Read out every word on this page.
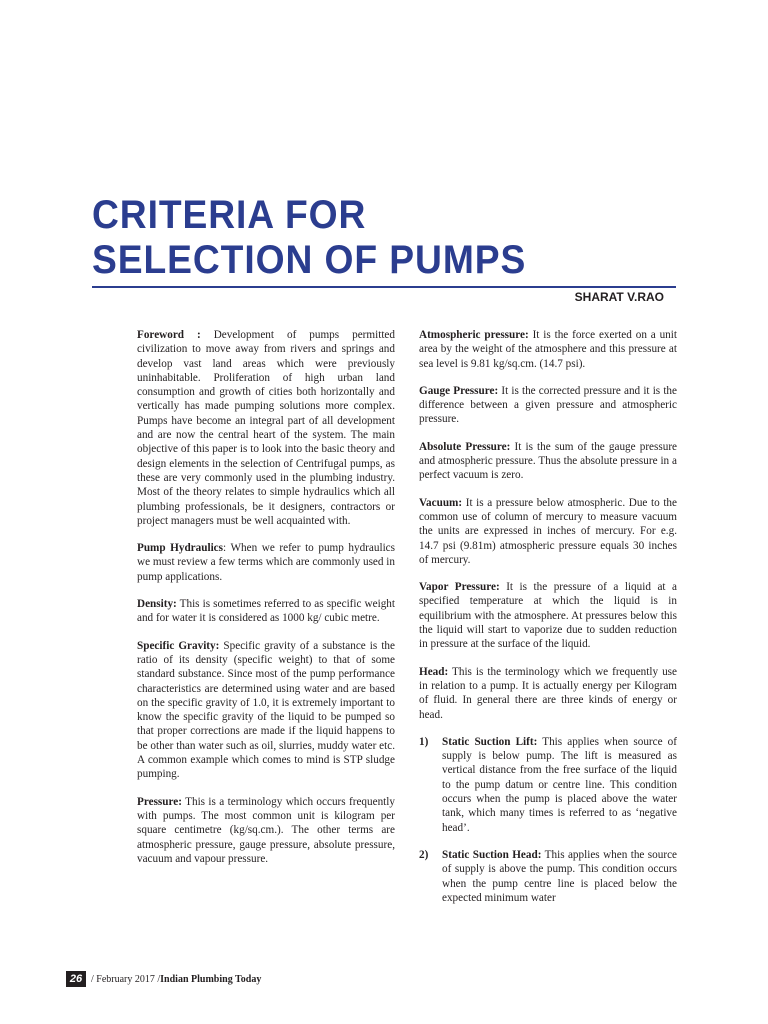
CRITERIA FOR
SELECTION OF PUMPS
SHARAT V.RAO

Foreword : Development of pumps permitted civilization to move away from rivers and springs and develop vast land areas which were previously uninhabitable. Proliferation of high urban land consumption and growth of cities both horizontally and vertically has made pumping solutions more complex. Pumps have become an integral part of all development and are now the central heart of the system. The main objective of this paper is to look into the basic theory and design elements in the selection of Centrifugal pumps, as these are very commonly used in the plumbing industry. Most of the theory relates to simple hydraulics which all plumbing professionals, be it designers, contractors or project managers must be well acquainted with.

Pump Hydraulics: When we refer to pump hydraulics we must review a few terms which are commonly used in pump applications.

Density: This is sometimes referred to as specific weight and for water it is considered as 1000 kg/ cubic metre.

Specific Gravity: Specific gravity of a substance is the ratio of its density (specific weight) to that of some standard substance. Since most of the pump performance characteristics are determined using water and are based on the specific gravity of 1.0, it is extremely important to know the specific gravity of the liquid to be pumped so that proper corrections are made if the liquid happens to be other than water such as oil, slurries, muddy water etc. A common example which comes to mind is STP sludge pumping.

Pressure: This is a terminology which occurs frequently with pumps. The most common unit is kilogram per square centimetre (kg/sq.cm.). The other terms are atmospheric pressure, gauge pressure, absolute pressure, vacuum and vapour pressure.

Atmospheric pressure: It is the force exerted on a unit area by the weight of the atmosphere and this pressure at sea level is 9.81 kg/sq.cm. (14.7 psi).

Gauge Pressure: It is the corrected pressure and it is the difference between a given pressure and atmospheric pressure.

Absolute Pressure: It is the sum of the gauge pressure and atmospheric pressure. Thus the absolute pressure in a perfect vacuum is zero.

Vacuum: It is a pressure below atmospheric. Due to the common use of column of mercury to measure vacuum the units are expressed in inches of mercury. For e.g. 14.7 psi (9.81m) atmospheric pressure equals 30 inches of mercury.

Vapor Pressure: It is the pressure of a liquid at a specified temperature at which the liquid is in equilibrium with the atmosphere. At pressures below this the liquid will start to vaporize due to sudden reduction in pressure at the surface of the liquid.

Head: This is the terminology which we frequently use in relation to a pump. It is actually energy per Kilogram of fluid. In general there are three kinds of energy or head.

1)	Static Suction Lift: This applies when source of supply is below pump. The lift is measured as vertical distance from the free surface of the liquid to the pump datum or centre line. This condition occurs when the pump is placed above the water tank, which many times is referred to as ‘negative head’.
2)	Static Suction Head: This applies when the source of supply is above the pump. This condition occurs when the pump centre line is placed below the expected minimum water
26 / February 2017 / Indian Plumbing Today
